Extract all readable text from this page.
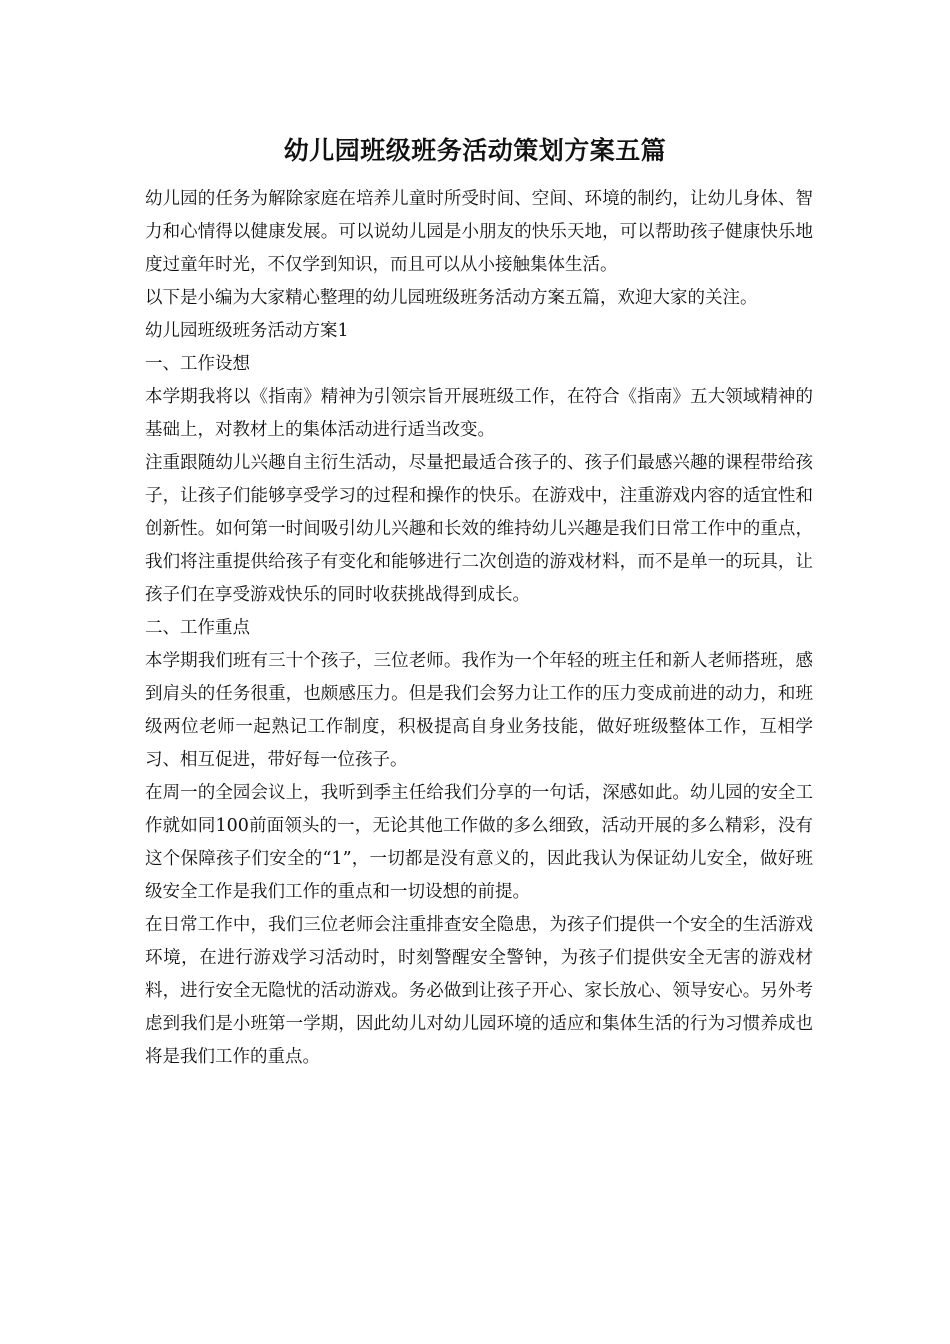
幼儿园班级班务活动策划方案五篇

幼儿园的任务为解除家庭在培养儿童时所受时间、空间、环境的制约，让幼儿身体、智力和心情得以健康发展。可以说幼儿园是小朋友的快乐天地，可以帮助孩子健康快乐地度过童年时光，不仅学到知识，而且可以从小接触集体生活。

以下是小编为大家精心整理的幼儿园班级班务活动方案五篇，欢迎大家的关注。

幼儿园班级班务活动方案1

一、工作设想

本学期我将以《指南》精神为引领宗旨开展班级工作，在符合《指南》五大领域精神的基础上，对教材上的集体活动进行适当改变。

注重跟随幼儿兴趣自主衍生活动，尽量把最适合孩子的、孩子们最感兴趣的课程带给孩子，让孩子们能够享受学习的过程和操作的快乐。在游戏中，注重游戏内容的适宜性和创新性。如何第一时间吸引幼儿兴趣和长效的维持幼儿兴趣是我们日常工作中的重点，我们将注重提供给孩子有变化和能够进行二次创造的游戏材料，而不是单一的玩具，让孩子们在享受游戏快乐的同时收获挑战得到成长。

二、工作重点

本学期我们班有三十个孩子，三位老师。我作为一个年轻的班主任和新人老师搭班，感到肩头的任务很重，也颇感压力。但是我们会努力让工作的压力变成前进的动力，和班级两位老师一起熟记工作制度，积极提高自身业务技能，做好班级整体工作，互相学习、相互促进，带好每一位孩子。

在周一的全园会议上，我听到季主任给我们分享的一句话，深感如此。幼儿园的安全工作就如同100前面领头的一，无论其他工作做的多么细致，活动开展的多么精彩，没有这个保障孩子们安全的“1”，一切都是没有意义的，因此我认为保证幼儿安全，做好班级安全工作是我们工作的重点和一切设想的前提。

在日常工作中，我们三位老师会注重排查安全隐患，为孩子们提供一个安全的生活游戏环境，在进行游戏学习活动时，时刻警醒安全警钟，为孩子们提供安全无害的游戏材料，进行安全无隐忧的活动游戏。务必做到让孩子开心、家长放心、领导安心。另外考虑到我们是小班第一学期，因此幼儿对幼儿园环境的适应和集体生活的行为习惯养成也将是我们工作的重点。
